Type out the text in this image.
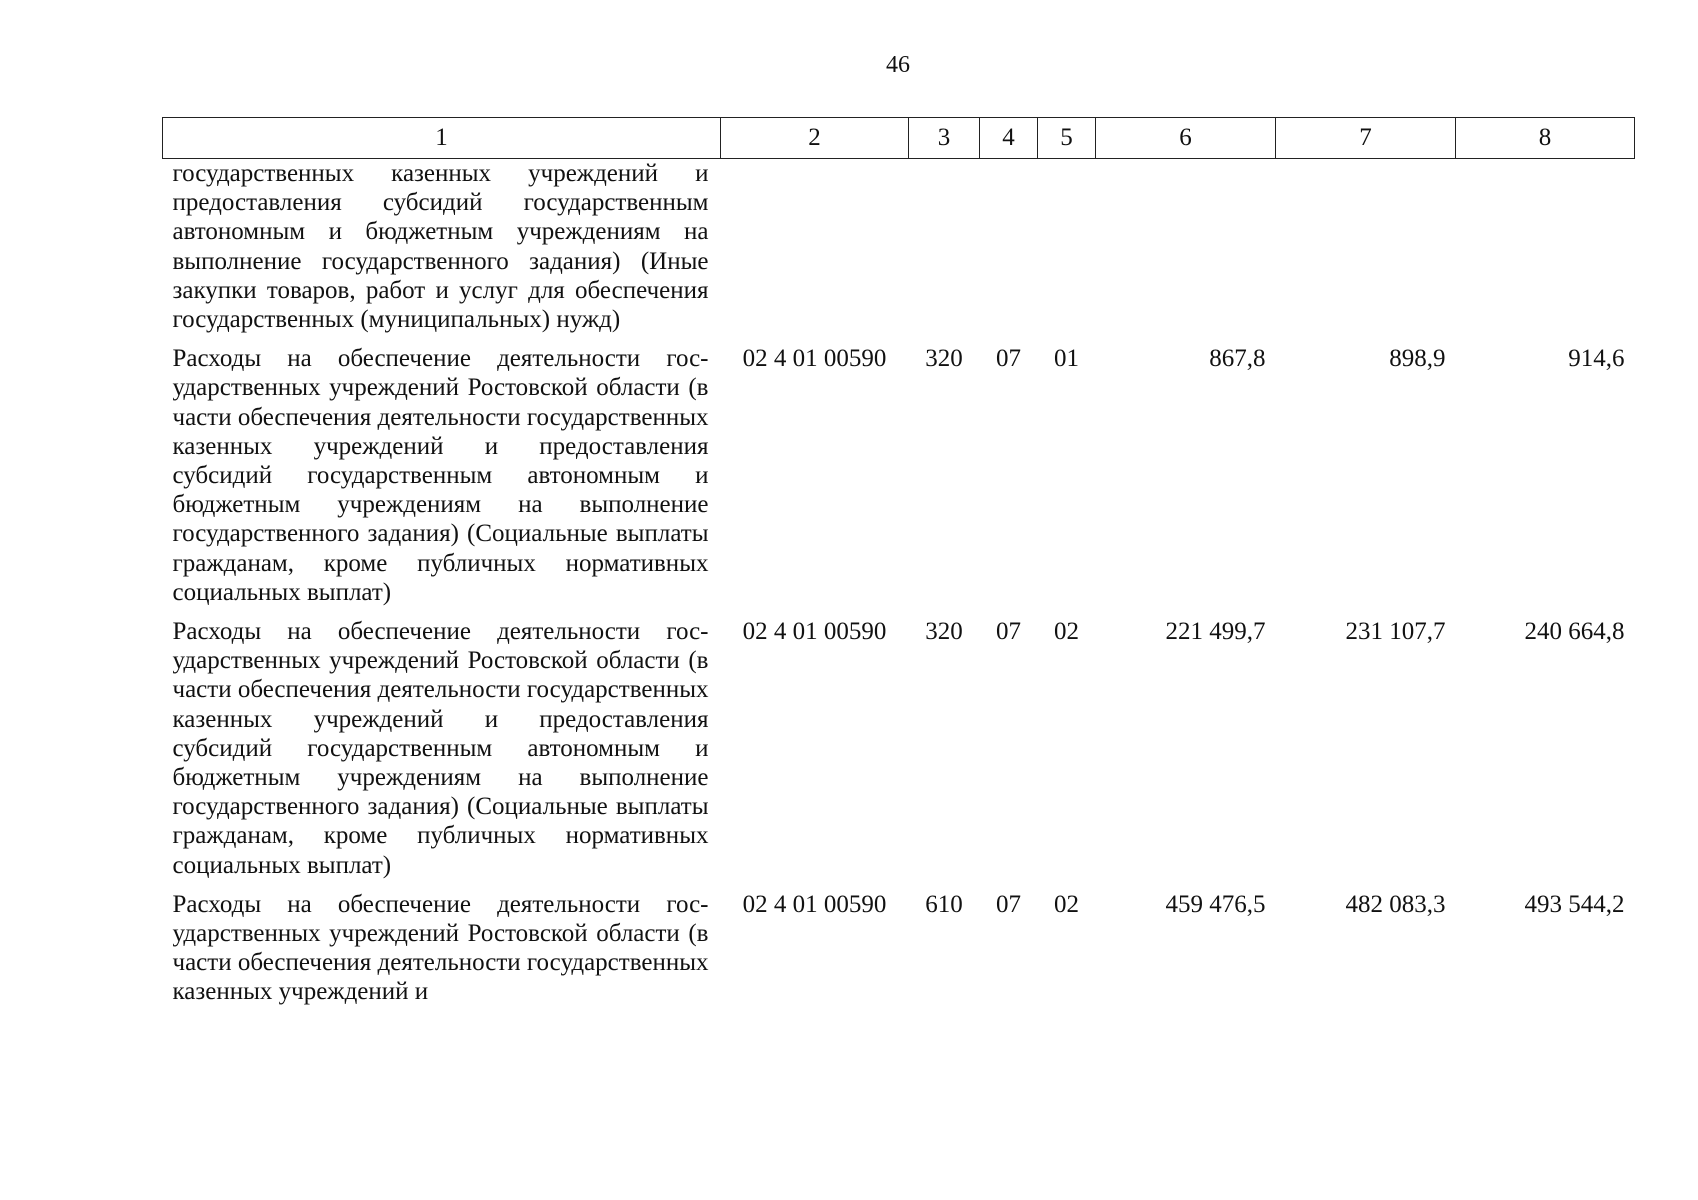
46
1	2	3	4	5	6	7	8
государственных казенных учреждений и предоставления субсидий государственным автономным и бюджетным учреждениям на выполнение государственного задания) (Иные закупки товаров, работ и услуг для обеспечения государственных (муниципальных) нужд)							
Расходы на обеспечение деятельности государственных учреждений Ростовской области (в части обеспечения деятельности государственных казенных учреждений и предоставления субсидий государственным автономным и бюджетным учреждениям на выполнение государственного задания) (Социальные выплаты гражданам, кроме публичных нормативных социальных выплат)	02 4 01 00590	320	07	01	867,8	898,9	914,6
Расходы на обеспечение деятельности государственных учреждений Ростовской области (в части обеспечения деятельности государственных казенных учреждений и предоставления субсидий государственным автономным и бюджетным учреждениям на выполнение государственного задания) (Социальные выплаты гражданам, кроме публичных нормативных социальных выплат)	02 4 01 00590	320	07	02	221 499,7	231 107,7	240 664,8
Расходы на обеспечение деятельности государственных учреждений Ростовской области (в части обеспечения деятельности государственных казенных учреждений и	02 4 01 00590	610	07	02	459 476,5	482 083,3	493 544,2
